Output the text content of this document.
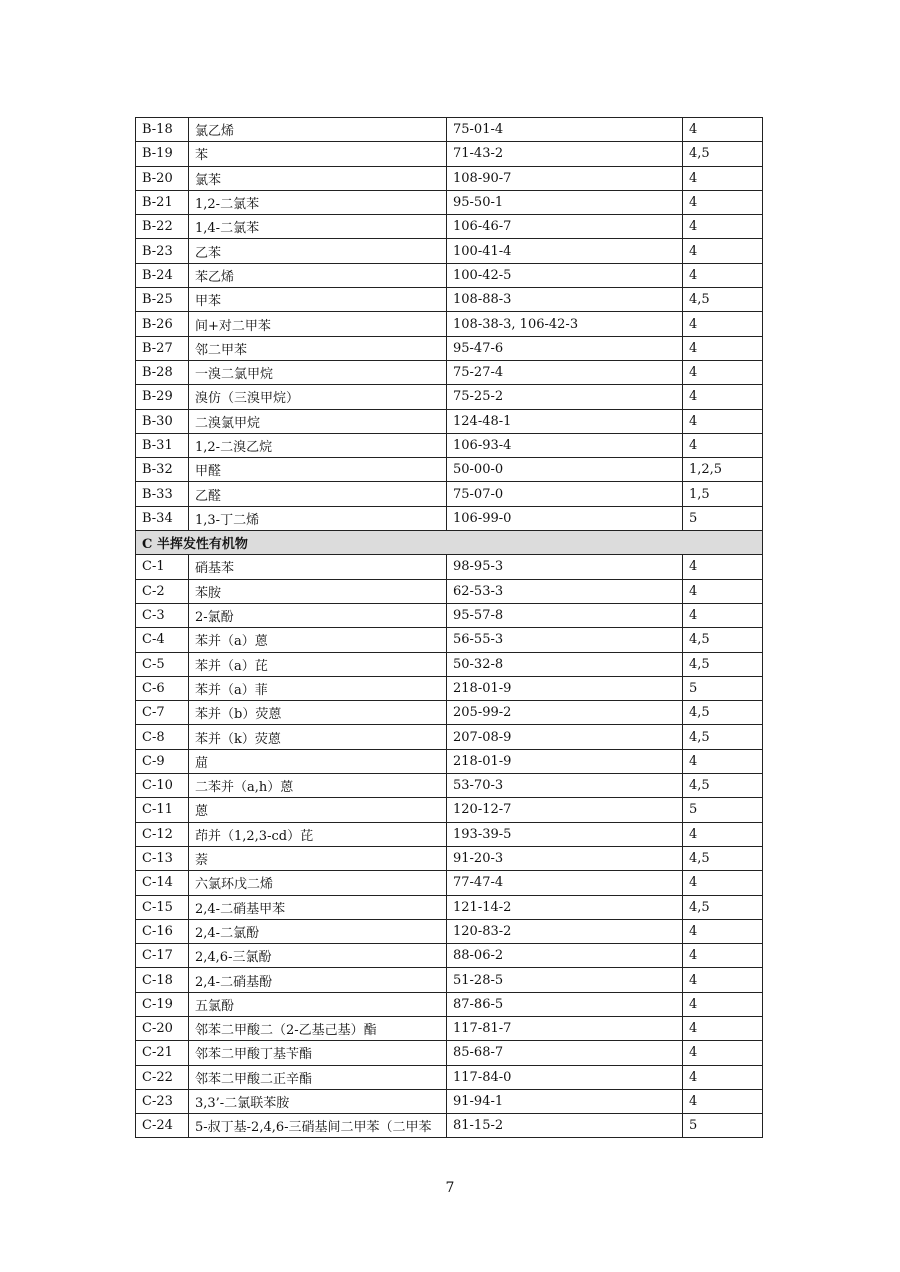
B-18	氯乙烯	75-01-4	4
B-19	苯	71-43-2	4,5
B-20	氯苯	108-90-7	4
B-21	1,2-二氯苯	95-50-1	4
B-22	1,4-二氯苯	106-46-7	4
B-23	乙苯	100-41-4	4
B-24	苯乙烯	100-42-5	4
B-25	甲苯	108-88-3	4,5
B-26	间+对二甲苯	108-38-3, 106-42-3	4
B-27	邻二甲苯	95-47-6	4
B-28	一溴二氯甲烷	75-27-4	4
B-29	溴仿（三溴甲烷）	75-25-2	4
B-30	二溴氯甲烷	124-48-1	4
B-31	1,2-二溴乙烷	106-93-4	4
B-32	甲醛	50-00-0	1,2,5
B-33	乙醛	75-07-0	1,5
B-34	1,3-丁二烯	106-99-0	5
C 半挥发性有机物			
C-1	硝基苯	98-95-3	4
C-2	苯胺	62-53-3	4
C-3	2-氯酚	95-57-8	4
C-4	苯并（a）蒽	56-55-3	4,5
C-5	苯并（a）芘	50-32-8	4,5
C-6	苯并（a）菲	218-01-9	5
C-7	苯并（b）荧蒽	205-99-2	4,5
C-8	苯并（k）荧蒽	207-08-9	4,5
C-9	䓛	218-01-9	4
C-10	二苯并（a,h）蒽	53-70-3	4,5
C-11	蒽	120-12-7	5
C-12	茚并（1,2,3-cd）芘	193-39-5	4
C-13	萘	91-20-3	4,5
C-14	六氯环戊二烯	77-47-4	4
C-15	2,4-二硝基甲苯	121-14-2	4,5
C-16	2,4-二氯酚	120-83-2	4
C-17	2,4,6-三氯酚	88-06-2	4
C-18	2,4-二硝基酚	51-28-5	4
C-19	五氯酚	87-86-5	4
C-20	邻苯二甲酸二（2-乙基己基）酯	117-81-7	4
C-21	邻苯二甲酸丁基苄酯	85-68-7	4
C-22	邻苯二甲酸二正辛酯	117-84-0	4
C-23	3,3’-二氯联苯胺	91-94-1	4
C-24	5-叔丁基-2,4,6-三硝基间二甲苯（二甲苯	81-15-2	5
7
